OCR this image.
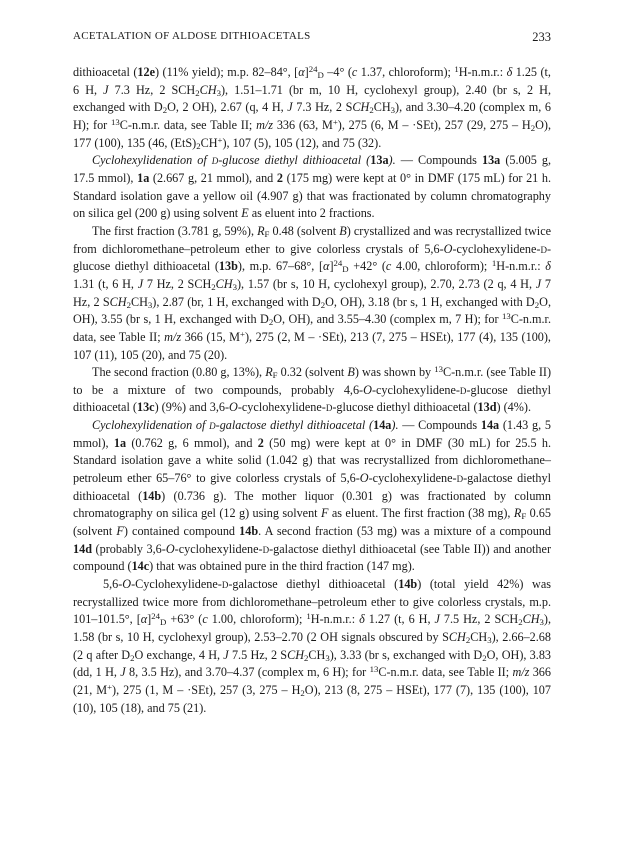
ACETALATION OF ALDOSE DITHIOACETALS	233

dithioacetal (12e) (11% yield); m.p. 82–84°, $[\alpha]^{24}D$ –4° (c 1.37, chloroform); $^1$H-n.m.r.: δ 1.25 (t, 6 H, J 7.3 Hz, 2 SCH2CH3), 1.51–1.71 (br m, 10 H, cyclohexyl group), 2.40 (br s, 2 H, exchanged with D2O, 2 OH), 2.67 (q, 4 H, J 7.3 Hz, 2 SCH2CH3), and 3.30–4.20 (complex m, 6 H); for $^{13}$C-n.m.r. data, see Table II; m/z 336 (63, M+), 275 (6, M – ·SEt), 257 (29, 275 – H2O), 177 (100), 135 (46, (EtS)2CH+), 107 (5), 105 (12), and 75 (32).

Cyclohexylidenation of d-glucose diethyl dithioacetal (13a). — Compounds 13a (5.005 g, 17.5 mmol), 1a (2.667 g, 21 mmol), and 2 (175 mg) were kept at 0° in DMF (175 mL) for 21 h. Standard isolation gave a yellow oil (4.907 g) that was fractionated by column chromatography on silica gel (200 g) using solvent E as eluent into 2 fractions.

The first fraction (3.781 g, 59%), RF 0.48 (solvent B) crystallized and was recrystallized twice from dichloromethane–petroleum ether to give colorless crystals of 5,6-O-cyclohexylidene-d-glucose diethyl dithioacetal (13b), m.p. 67–68°, $[\alpha]^{24}D +42^\circ$ (c 4.00, chloroform); $^1$H-n.m.r.: δ 1.31 (t, 6 H, J 7 Hz, 2 SCH2CH3), 1.57 (br s, 10 H, cyclohexyl group), 2.70, 2.73 (2 q, 4 H, J 7 Hz, 2 SCH2CH3), 2.87 (br, 1 H, exchanged with D2O, OH), 3.18 (br s, 1 H, exchanged with D2O, OH), 3.55 (br s, 1 H, exchanged with D2O, OH), and 3.55–4.30 (complex m, 7 H); for $^{13}$C-n.m.r. data, see Table II; m/z 366 (15, M+), 275 (2, M – ·SEt), 213 (7, 275 – HSEt), 177 (4), 135 (100), 107 (11), 105 (20), and 75 (20).

The second fraction (0.80 g, 13%), RF 0.32 (solvent B) was shown by $^{13}$C-n.m.r. (see Table II) to be a mixture of two compounds, probably 4,6-O-cyclohexylidene-d-glucose diethyl dithioacetal (13c) (9%) and 3,6-O-cyclohexylidene-d-glucose diethyl dithioacetal (13d) (4%).

Cyclohexylidenation of d-galactose diethyl dithioacetal (14a). — Compounds 14a (1.43 g, 5 mmol), 1a (0.762 g, 6 mmol), and 2 (50 mg) were kept at 0° in DMF (30 mL) for 25.5 h. Standard isolation gave a white solid (1.042 g) that was recrystallized from dichloromethane–petroleum ether 65–76° to give colorless crystals of 5,6-O-cyclohexylidene-d-galactose diethyl dithioacetal (14b) (0.736 g). The mother liquor (0.301 g) was fractionated by column chromatography on silica gel (12 g) using solvent F as eluent. The first fraction (38 mg), RF 0.65 (solvent F) contained compound 14b. A second fraction (53 mg) was a mixture of a compound 14d (probably 3,6-O-cyclohexylidene-d-galactose diethyl dithioacetal (see Table II)) and another compound (14c) that was obtained pure in the third fraction (147 mg).

5,6-O-Cyclohexylidene-d-galactose diethyl dithioacetal (14b) (total yield 42%) was recrystallized twice more from dichloromethane–petroleum ether to give colorless crystals, m.p. 101–101.5°, $[\alpha]^{24}D +63^\circ$ (c 1.00, chloroform); $^1$H-n.m.r.: δ 1.27 (t, 6 H, J 7.5 Hz, 2 SCH2CH3), 1.58 (br s, 10 H, cyclohexyl group), 2.53–2.70 (2 OH signals obscured by SCH2CH3), 2.66–2.68 (2 q after D2O exchange, 4 H, J 7.5 Hz, 2 SCH2CH3), 3.33 (br s, exchanged with D2O, OH), 3.83 (dd, 1 H, J 8, 3.5 Hz), and 3.70–4.37 (complex m, 6 H); for $^{13}$C-n.m.r. data, see Table II; m/z 366 (21, M+), 275 (1, M – ·SEt), 257 (3, 275 – H2O), 213 (8, 275 – HSEt), 177 (7), 135 (100), 107 (10), 105 (18), and 75 (21).
